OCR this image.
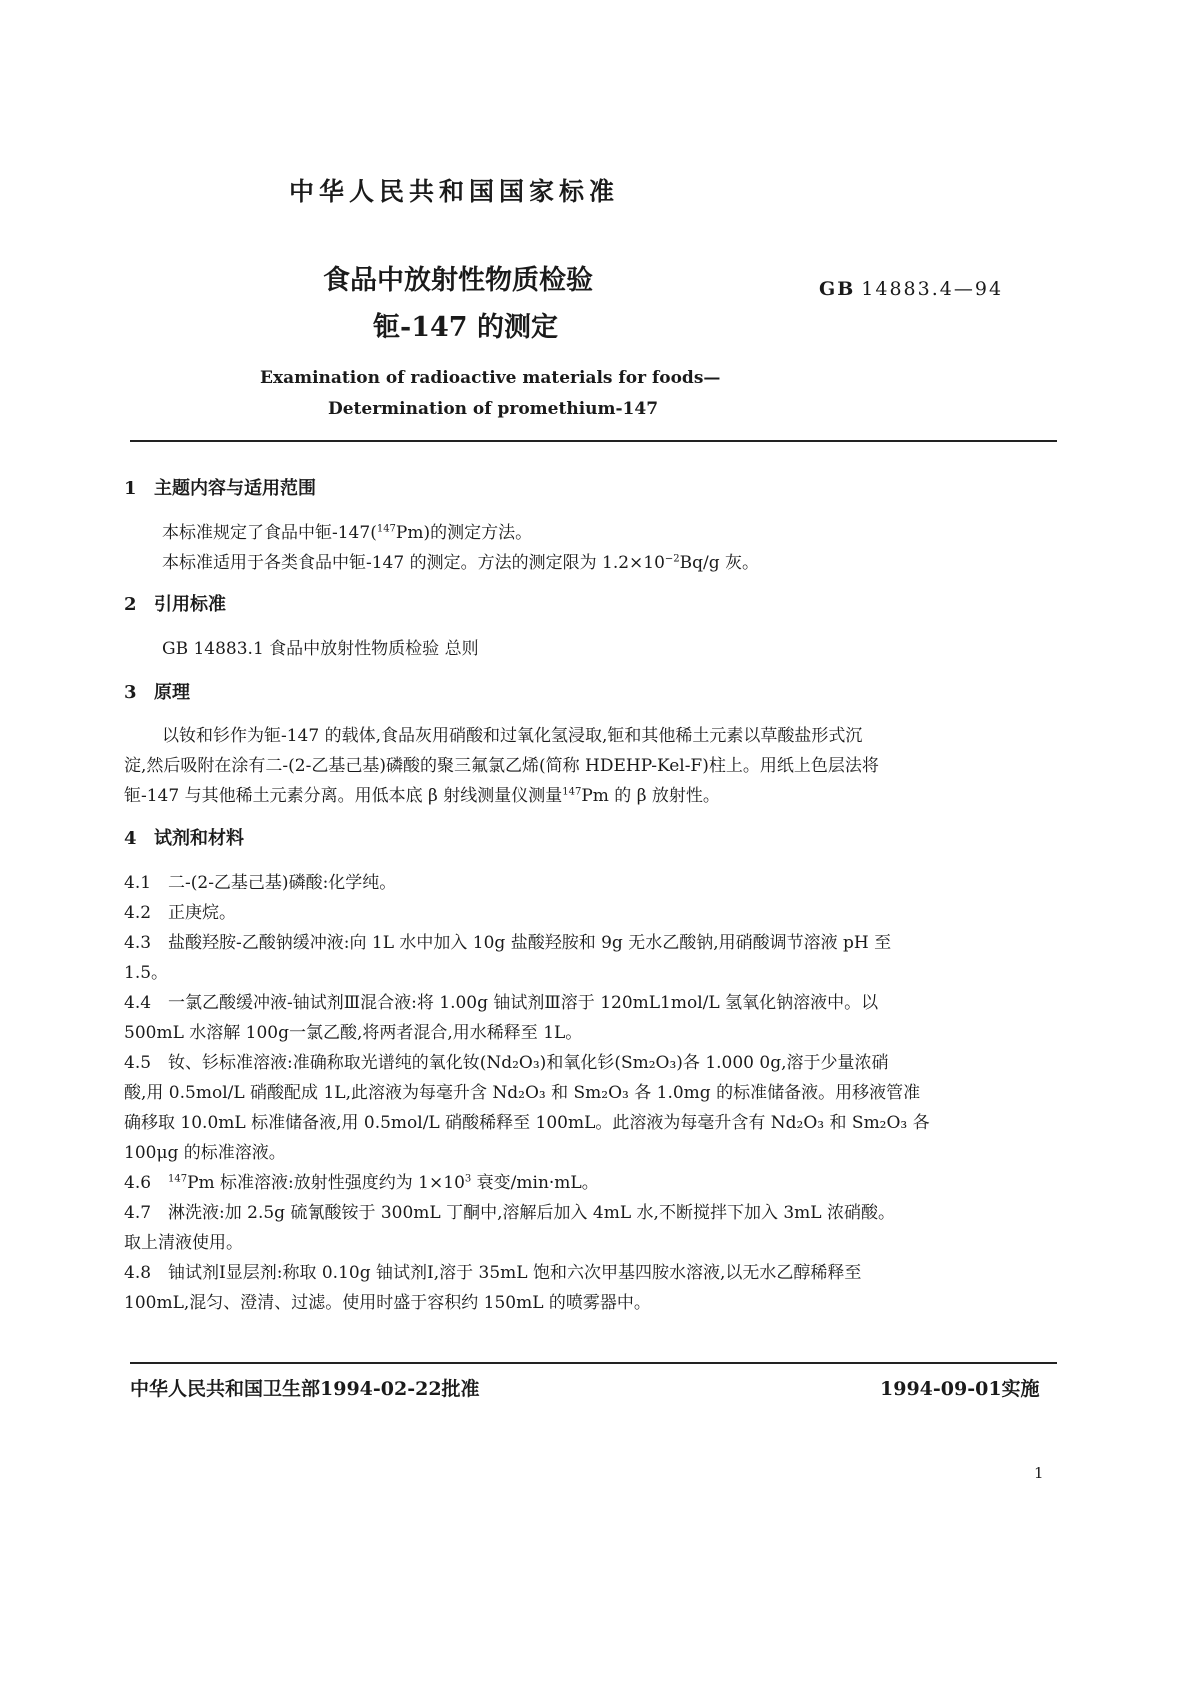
中华人民共和国国家标准
食品中放射性物质检验
钷-147 的测定
GB 14883.4—94
Examination of radioactive materials for foods—
Determination of promethium-147
1 主题内容与适用范围
本标准规定了食品中钷-147($^{147}$Pm)的测定方法。
本标准适用于各类食品中钷-147 的测定。方法的测定限为 $1.2\times 10^{-2}Bq/g$ 灰。
2 引用标准
GB 14883.1 食品中放射性物质检验 总则
3 原理
以钕和钐作为钷-147 的载体,食品灰用硝酸和过氧化氢浸取,钷和其他稀土元素以草酸盐形式沉
淀,然后吸附在涂有二-(2-乙基己基)磷酸的聚三氟氯乙烯(简称 HDEHP-Kel-F)柱上。用纸上色层法将
钷-147 与其他稀土元素分离。用低本底 β 射线测量仪测量$^{147}$Pm 的 β 放射性。
4 试剂和材料
4.1 二-(2-乙基己基)磷酸:化学纯。
4.2 正庚烷。
4.3 盐酸羟胺-乙酸钠缓冲液:向 1L 水中加入 10g 盐酸羟胺和 9g 无水乙酸钠,用硝酸调节溶液 pH 至
1.5。
4.4 一氯乙酸缓冲液-铀试剂Ⅲ混合液:将 1.00g 铀试剂Ⅲ溶于 120mL1mol/L 氢氧化钠溶液中。以
500mL 水溶解 100g一氯乙酸,将两者混合,用水稀释至 1L。
4.5 钕、钐标准溶液:准确称取光谱纯的氧化钕(Nd₂O₃)和氧化钐(Sm₂O₃)各 1.000 0g,溶于少量浓硝
酸,用 0.5mol/L 硝酸配成 1L,此溶液为每毫升含 Nd₂O₃ 和 Sm₂O₃ 各 1.0mg 的标准储备液。用移液管准
确移取 10.0mL 标准储备液,用 0.5mol/L 硝酸稀释至 100mL。此溶液为每毫升含有 Nd₂O₃ 和 Sm₂O₃ 各
100μg 的标准溶液。
4.6 $^{147}$Pm 标准溶液:放射性强度约为 $1\times 10^3$ 衰变/min·mL。
4.7 淋洗液:加 2.5g 硫氰酸铵于 300mL 丁酮中,溶解后加入 4mL 水,不断搅拌下加入 3mL 浓硝酸。
取上清液使用。
4.8 铀试剂Ⅰ显层剂:称取 0.10g 铀试剂Ⅰ,溶于 35mL 饱和六次甲基四胺水溶液,以无水乙醇稀释至
100mL,混匀、澄清、过滤。使用时盛于容积约 150mL 的喷雾器中。
中华人民共和国卫生部1994-02-22批准	1994-09-01实施
1
